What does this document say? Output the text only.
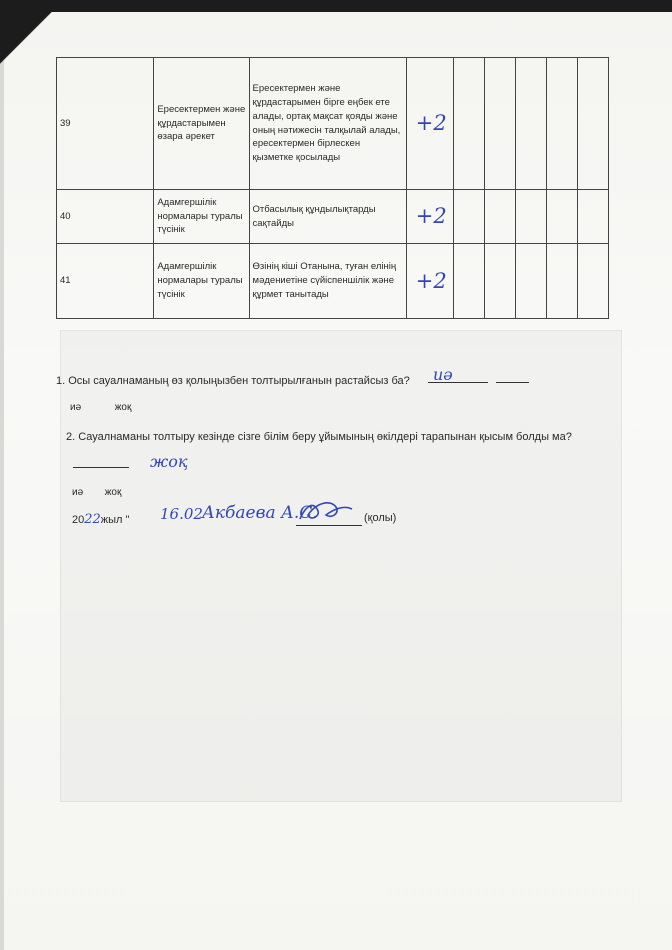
39	Ересектермен және құрдастарымен өзара әрекет	Ересектермен және құрдастарымен бірге еңбек ете алады, ортақ мақсат қояды және оның нәтижесін талқылай алады, ересектермен бірлескен қызметке қосылады	+2					
40	Адамгершілік нормалары туралы түсінік	Отбасылық құндылықтарды сақтайды	+2					
41	Адамгершілік нормалары туралы түсінік	Өзінің кіші Отанына, туған елінің мәдениетіне сүйіспеншілік және құрмет танытады	+2					
1. Осы сауалнаманың өз қолыңызбен толтырылғанын растайсыз ба? иә
иә	жоқ
2. Сауалнаманы толтыру кезінде сізге білім беру ұйымының өкілдері тарапынан қысым болды ма?
жоқ
иә жоқ
2022жыл " 16.02 Акбаева А.С.	(қолы)
